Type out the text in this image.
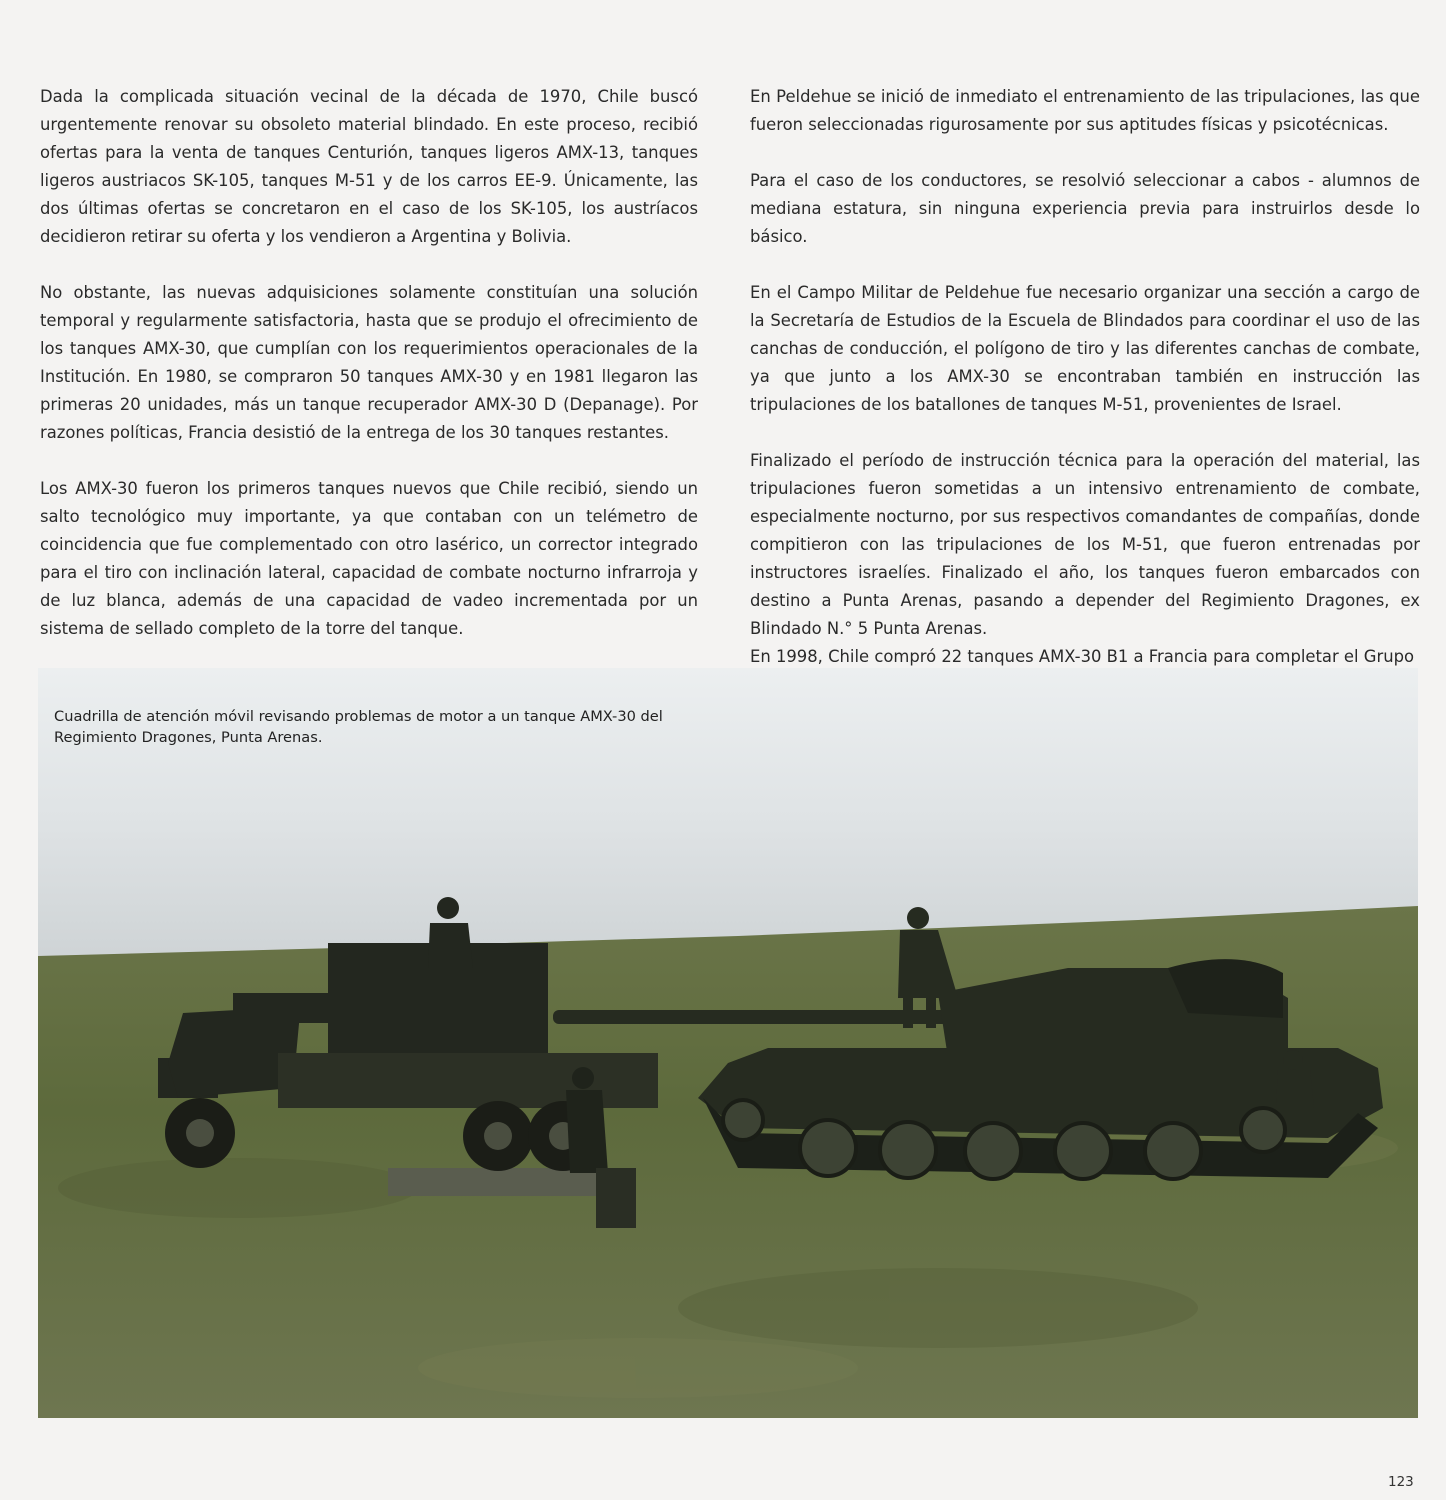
Dada la complicada situación vecinal de la década de 1970, Chile buscó urgentemente renovar su obsoleto material blindado. En este proceso, recibió ofertas para la venta de tanques Centurión, tanques ligeros AMX-13, tanques ligeros austriacos SK-105, tanques M-51 y de los carros EE-9. Únicamente, las dos últimas ofertas se concretaron en el caso de los SK-105, los austríacos decidieron retirar su oferta y los vendieron a Argentina y Bolivia.

No obstante, las nuevas adquisiciones solamente constituían una solución temporal y regularmente satisfactoria, hasta que se produjo el ofrecimiento de los tanques AMX-30, que cumplían con los requerimientos operacionales de la Institución. En 1980, se compraron 50 tanques AMX-30 y en 1981 llegaron las primeras 20 unidades, más un tanque recuperador AMX-30 D (Depanage). Por razones políticas, Francia desistió de la entrega de los 30 tanques restantes.

Los AMX-30 fueron los primeros tanques nuevos que Chile recibió, siendo un salto tecnológico muy importante, ya que contaban con un telémetro de coincidencia que fue complementado con otro lasérico, un corrector integrado para el tiro con inclinación lateral, capacidad de combate nocturno infrarroja y de luz blanca, además de una capacidad de vadeo incrementada por un sistema de sellado completo de la torre del tanque.

En Peldehue se inició de inmediato el entrenamiento de las tripulaciones, las que fueron seleccionadas rigurosamente por sus aptitudes físicas y psicotécnicas.

Para el caso de los conductores, se resolvió seleccionar a cabos - alumnos de mediana estatura, sin ninguna experiencia previa para instruirlos desde lo básico.

En el Campo Militar de Peldehue fue necesario organizar una sección a cargo de la Secretaría de Estudios de la Escuela de Blindados para coordinar el uso de las canchas de conducción, el polígono de tiro y las diferentes canchas de combate, ya que junto a los AMX-30 se encontraban también en instrucción las tripulaciones de los batallones de tanques M-51, provenientes de Israel.

Finalizado el período de instrucción técnica para la operación del material, las tripulaciones fueron sometidas a un intensivo entrenamiento de combate, especialmente nocturno, por sus respectivos comandantes de compañías, donde compitieron con las tripulaciones de los M-51, que fueron entrenadas por instructores israelíes. Finalizado el año, los tanques fueron embarcados con destino a Punta Arenas, pasando a depender del Regimiento Dragones, ex Blindado N.° 5 Punta Arenas.

En 1998, Chile compró 22 tanques AMX-30 B1 a Francia para completar el Grupo

Cuadrilla de atención móvil revisando problemas de motor a un tanque AMX-30 del Regimiento Dragones, Punta Arenas.
123
